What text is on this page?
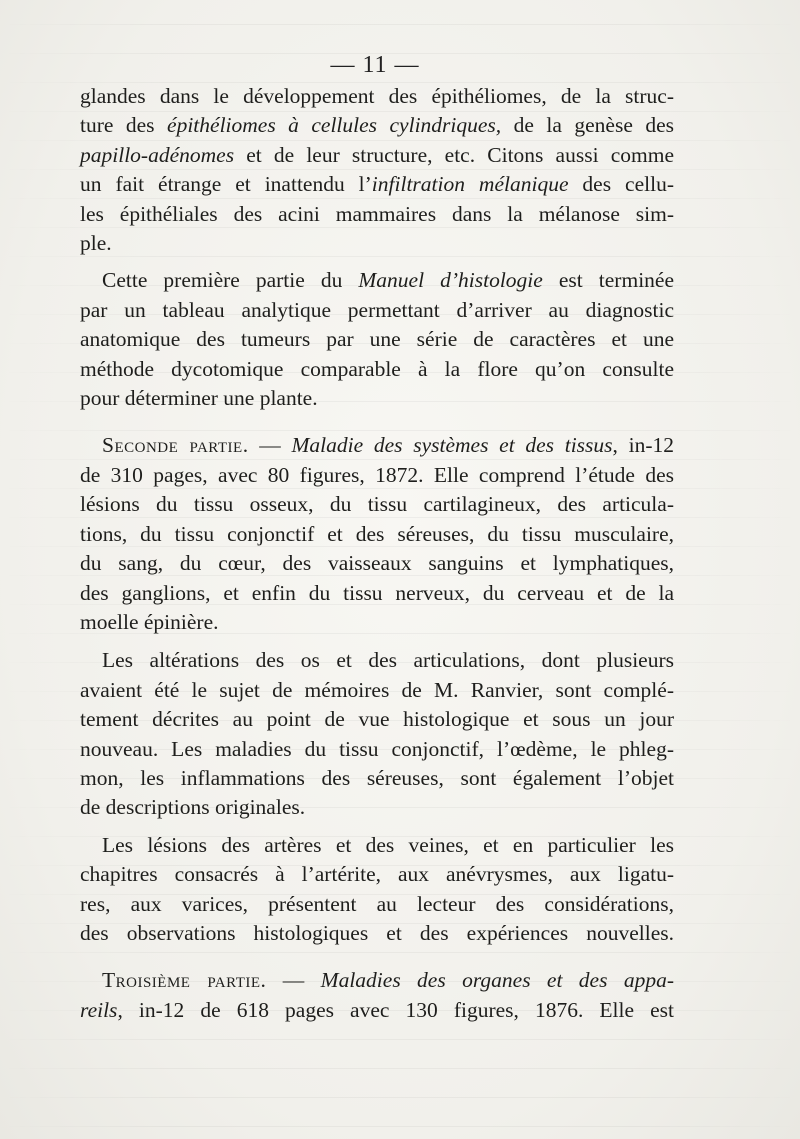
— 11 —

glandes dans le développement des épithéliomes, de la struc-
ture des épithéliomes à cellules cylindriques, de la genèse des
papillo-adénomes et de leur structure, etc. Citons aussi comme
un fait étrange et inattendu l’infiltration mélanique des cellu-
les épithéliales des acini mammaires dans la mélanose sim-
ple.

Cette première partie du Manuel d’histologie est terminée
par un tableau analytique permettant d’arriver au diagnostic
anatomique des tumeurs par une série de caractères et une
méthode dycotomique comparable à la flore qu’on consulte
pour déterminer une plante.

Seconde partie. — Maladie des systèmes et des tissus, in-12
de 310 pages, avec 80 figures, 1872. Elle comprend l’étude des
lésions du tissu osseux, du tissu cartilagineux, des articula-
tions, du tissu conjonctif et des séreuses, du tissu musculaire,
du sang, du cœur, des vaisseaux sanguins et lymphatiques,
des ganglions, et enfin du tissu nerveux, du cerveau et de la
moelle épinière.

Les altérations des os et des articulations, dont plusieurs
avaient été le sujet de mémoires de M. Ranvier, sont complé-
tement décrites au point de vue histologique et sous un jour
nouveau. Les maladies du tissu conjonctif, l’œdème, le phleg-
mon, les inflammations des séreuses, sont également l’objet
de descriptions originales.

Les lésions des artères et des veines, et en particulier les
chapitres consacrés à l’artérite, aux anévrysmes, aux ligatu-
res, aux varices, présentent au lecteur des considérations,
des observations histologiques et des expériences nouvelles.

Troisième partie. — Maladies des organes et des appa-
reils, in-12 de 618 pages avec 130 figures, 1876. Elle est
